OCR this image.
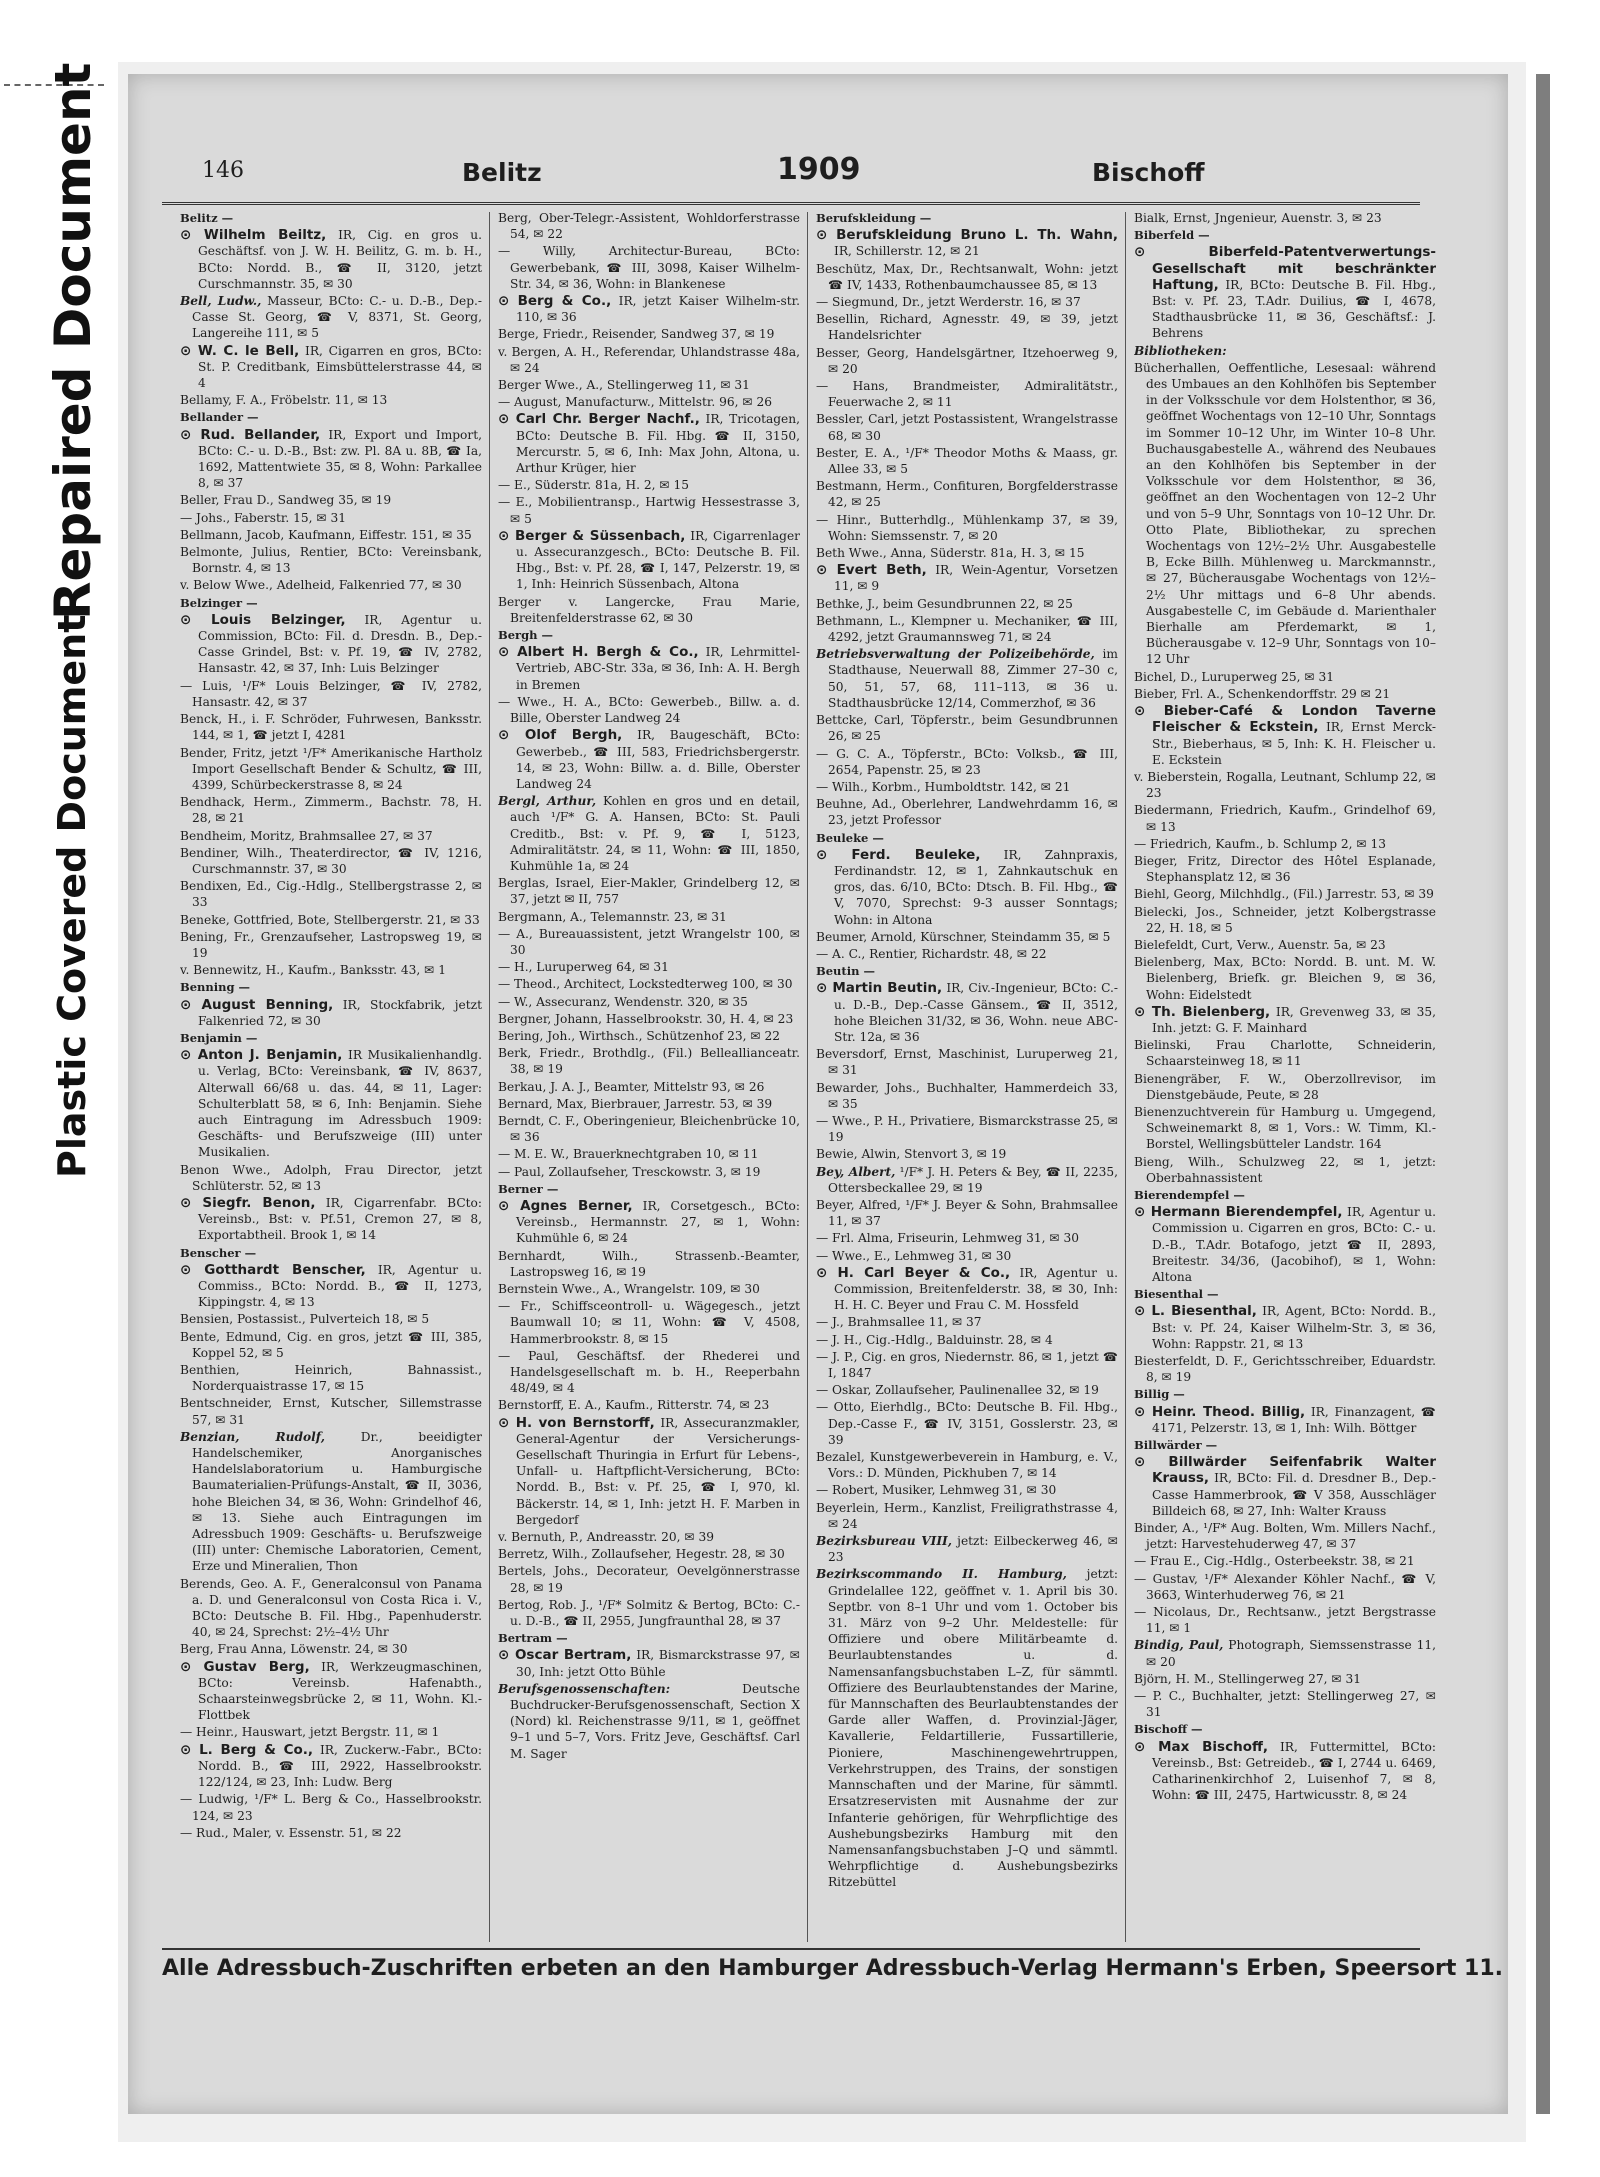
Repaired Document
Plastic Covered Document
146	Belitz	1909	Bischoff

Belitz —

⊙ Wilhelm Beiltz, IR, Cig. en gros u. Geschäftsf. von J. W. H. Beilitz, G. m. b. H., BCto: Nordd. B., ☎ II, 3120, jetzt Curschmannstr. 35, ✉ 30

Bell, Ludw., Masseur, BCto: C.- u. D.-B., Dep.-Casse St. Georg, ☎ V, 8371, St. Georg, Langereihe 111, ✉ 5

⊙ W. C. le Bell, IR, Cigarren en gros, BCto: St. P. Creditbank, Eimsbüttelerstrasse 44, ✉ 4

Bellamy, F. A., Fröbelstr. 11, ✉ 13

Bellander —

⊙ Rud. Bellander, IR, Export und Import, BCto: C.- u. D.-B., Bst: zw. Pl. 8A u. 8B, ☎ Ia, 1692, Mattentwiete 35, ✉ 8, Wohn: Parkallee 8, ✉ 37

Beller, Frau D., Sandweg 35, ✉ 19

— Johs., Faberstr. 15, ✉ 31

Bellmann, Jacob, Kaufmann, Eiffestr. 151, ✉ 35

Belmonte, Julius, Rentier, BCto: Vereinsbank, Bornstr. 4, ✉ 13

v. Below Wwe., Adelheid, Falkenried 77, ✉ 30

Belzinger —

⊙ Louis Belzinger, IR, Agentur u. Commission, BCto: Fil. d. Dresdn. B., Dep.-Casse Grindel, Bst: v. Pf. 19, ☎ IV, 2782, Hansastr. 42, ✉ 37, Inh: Luis Belzinger

— Luis, ¹/F* Louis Belzinger, ☎ IV, 2782, Hansastr. 42, ✉ 37

Benck, H., i. F. Schröder, Fuhrwesen, Banksstr. 144, ✉ 1, ☎ jetzt I, 4281

Bender, Fritz, jetzt ¹/F* Amerikanische Hartholz Import Gesellschaft Bender & Schultz, ☎ III, 4399, Schürbeckerstrasse 8, ✉ 24

Bendhack, Herm., Zimmerm., Bachstr. 78, H. 28, ✉ 21

Bendheim, Moritz, Brahmsallee 27, ✉ 37

Bendiner, Wilh., Theaterdirector, ☎ IV, 1216, Curschmannstr. 37, ✉ 30

Bendixen, Ed., Cig.-Hdlg., Stellbergstrasse 2, ✉ 33

Beneke, Gottfried, Bote, Stellbergerstr. 21, ✉ 33

Bening, Fr., Grenzaufseher, Lastropsweg 19, ✉ 19

v. Bennewitz, H., Kaufm., Banksstr. 43, ✉ 1

Benning —

⊙ August Benning, IR, Stockfabrik, jetzt Falkenried 72, ✉ 30

Benjamin —

⊙ Anton J. Benjamin, IR Musikalienhandlg. u. Verlag, BCto: Vereinsbank, ☎ IV, 8637, Alterwall 66/68 u. das. 44, ✉ 11, Lager: Schulterblatt 58, ✉ 6, Inh: Benjamin. Siehe auch Eintragung im Adressbuch 1909: Geschäfts- und Berufszweige (III) unter Musikalien.

Benon Wwe., Adolph, Frau Director, jetzt Schlüterstr. 52, ✉ 13

⊙ Siegfr. Benon, IR, Cigarrenfabr. BCto: Vereinsb., Bst: v. Pf.51, Cremon 27, ✉ 8, Exportabtheil. Brook 1, ✉ 14

Benscher —

⊙ Gotthardt Benscher, IR, Agentur u. Commiss., BCto: Nordd. B., ☎ II, 1273, Kippingstr. 4, ✉ 13

Bensien, Postassist., Pulverteich 18, ✉ 5

Bente, Edmund, Cig. en gros, jetzt ☎ III, 385, Koppel 52, ✉ 5

Benthien, Heinrich, Bahnassist., Norderquaistrasse 17, ✉ 15

Bentschneider, Ernst, Kutscher, Sillemstrasse 57, ✉ 31

Benzian, Rudolf, Dr., beeidigter Handelschemiker, Anorganisches Handelslaboratorium u. Hamburgische Baumaterialien-Prüfungs-Anstalt, ☎ II, 3036, hohe Bleichen 34, ✉ 36, Wohn: Grindelhof 46, ✉ 13. Siehe auch Eintragungen im Adressbuch 1909: Geschäfts- u. Berufszweige (III) unter: Chemische Laboratorien, Cement, Erze und Mineralien, Thon

Berends, Geo. A. F., Generalconsul von Panama a. D. und Generalconsul von Costa Rica i. V., BCto: Deutsche B. Fil. Hbg., Papenhuderstr. 40, ✉ 24, Sprechst: 2½–4½ Uhr

Berg, Frau Anna, Löwenstr. 24, ✉ 30

⊙ Gustav Berg, IR, Werkzeugmaschinen, BCto: Vereinsb. Hafenabth., Schaarsteinwegsbrücke 2, ✉ 11, Wohn. Kl.-Flottbek

— Heinr., Hauswart, jetzt Bergstr. 11, ✉ 1

⊙ L. Berg & Co., IR, Zuckerw.-Fabr., BCto: Nordd. B., ☎ III, 2922, Hasselbrookstr. 122/124, ✉ 23, Inh: Ludw. Berg

— Ludwig, ¹/F* L. Berg & Co., Hasselbrookstr. 124, ✉ 23

— Rud., Maler, v. Essenstr. 51, ✉ 22

Berg, Ober-Telegr.-Assistent, Wohldorferstrasse 54, ✉ 22

— Willy, Architectur-Bureau, BCto: Gewerbebank, ☎ III, 3098, Kaiser Wilhelm-Str. 34, ✉ 36, Wohn: in Blankenese

⊙ Berg & Co., IR, jetzt Kaiser Wilhelm-str. 110, ✉ 36

Berge, Friedr., Reisender, Sandweg 37, ✉ 19

v. Bergen, A. H., Referendar, Uhlandstrasse 48a, ✉ 24

Berger Wwe., A., Stellingerweg 11, ✉ 31

— August, Manufacturw., Mittelstr. 96, ✉ 26

⊙ Carl Chr. Berger Nachf., IR, Tricotagen, BCto: Deutsche B. Fil. Hbg. ☎ II, 3150, Mercurstr. 5, ✉ 6, Inh: Max John, Altona, u. Arthur Krüger, hier

— E., Süderstr. 81a, H. 2, ✉ 15

— E., Mobilientransp., Hartwig Hessestrasse 3, ✉ 5

⊙ Berger & Süssenbach, IR, Cigarrenlager u. Assecuranzgesch., BCto: Deutsche B. Fil. Hbg., Bst: v. Pf. 28, ☎ I, 147, Pelzerstr. 19, ✉ 1, Inh: Heinrich Süssenbach, Altona

Berger v. Langercke, Frau Marie, Breitenfelderstrasse 62, ✉ 30

Bergh —

⊙ Albert H. Bergh & Co., IR, Lehrmittel-Vertrieb, ABC-Str. 33a, ✉ 36, Inh: A. H. Bergh in Bremen

— Wwe., H. A., BCto: Gewerbeb., Billw. a. d. Bille, Oberster Landweg 24

⊙ Olof Bergh, IR, Baugeschäft, BCto: Gewerbeb., ☎ III, 583, Friedrichsbergerstr. 14, ✉ 23, Wohn: Billw. a. d. Bille, Oberster Landweg 24

Bergl, Arthur, Kohlen en gros und en detail, auch ¹/F* G. A. Hansen, BCto: St. Pauli Creditb., Bst: v. Pf. 9, ☎ I, 5123, Admiralitätstr. 24, ✉ 11, Wohn: ☎ III, 1850, Kuhmühle 1a, ✉ 24

Berglas, Israel, Eier-Makler, Grindelberg 12, ✉ 37, jetzt ✉ II, 757

Bergmann, A., Telemannstr. 23, ✉ 31

— A., Bureauassistent, jetzt Wrangelstr 100, ✉ 30

— H., Luruperweg 64, ✉ 31

— Theod., Architect, Lockstedterweg 100, ✉ 30

— W., Assecuranz, Wendenstr. 320, ✉ 35

Bergner, Johann, Hasselbrookstr. 30, H. 4, ✉ 23

Bering, Joh., Wirthsch., Schützenhof 23, ✉ 22

Berk, Friedr., Brothdlg., (Fil.) Belleallianceatr. 38, ✉ 19

Berkau, J. A. J., Beamter, Mittelstr 93, ✉ 26

Bernard, Max, Bierbrauer, Jarrestr. 53, ✉ 39

Berndt, C. F., Oberingenieur, Bleichenbrücke 10, ✉ 36

— M. E. W., Brauerknechtgraben 10, ✉ 11

— Paul, Zollaufseher, Tresckowstr. 3, ✉ 19

Berner —

⊙ Agnes Berner, IR, Corsetgesch., BCto: Vereinsb., Hermannstr. 27, ✉ 1, Wohn: Kuhmühle 6, ✉ 24

Bernhardt, Wilh., Strassenb.-Beamter, Lastropsweg 16, ✉ 19

Bernstein Wwe., A., Wrangelstr. 109, ✉ 30

— Fr., Schiffsceontroll- u. Wägegesch., jetzt Baumwall 10; ✉ 11, Wohn: ☎ V, 4508, Hammerbrookstr. 8, ✉ 15

— Paul, Geschäftsf. der Rhederei und Handelsgesellschaft m. b. H., Reeperbahn 48/49, ✉ 4

Bernstorff, E. A., Kaufm., Ritterstr. 74, ✉ 23

⊙ H. von Bernstorff, IR, Assecuranzmakler, General-Agentur der Versicherungs-Gesellschaft Thuringia in Erfurt für Lebens-, Unfall- u. Haftpflicht-Versicherung, BCto: Nordd. B., Bst: v. Pf. 25, ☎ I, 970, kl. Bäckerstr. 14, ✉ 1, Inh: jetzt H. F. Marben in Bergedorf

v. Bernuth, P., Andreasstr. 20, ✉ 39

Berretz, Wilh., Zollaufseher, Hegestr. 28, ✉ 30

Bertels, Johs., Decorateur, Oevelgönnerstrasse 28, ✉ 19

Bertog, Rob. J., ¹/F* Solmitz & Bertog, BCto: C.- u. D.-B., ☎ II, 2955, Jungfraunthal 28, ✉ 37

Bertram —

⊙ Oscar Bertram, IR, Bismarckstrasse 97, ✉ 30, Inh: jetzt Otto Bühle

Berufsgenossenschaften: Deutsche Buchdrucker-Berufsgenossenschaft, Section X (Nord) kl. Reichenstrasse 9/11, ✉ 1, geöffnet 9–1 und 5–7, Vors. Fritz Jeve, Geschäftsf. Carl M. Sager

Berufskleidung —

⊙ Berufskleidung Bruno L. Th. Wahn, IR, Schillerstr. 12, ✉ 21

Beschütz, Max, Dr., Rechtsanwalt, Wohn: jetzt ☎ IV, 1433, Rothenbaumchaussee 85, ✉ 13

— Siegmund, Dr., jetzt Werderstr. 16, ✉ 37

Besellin, Richard, Agnesstr. 49, ✉ 39, jetzt Handelsrichter

Besser, Georg, Handelsgärtner, Itzehoerweg 9, ✉ 20

— Hans, Brandmeister, Admiralitätstr., Feuerwache 2, ✉ 11

Bessler, Carl, jetzt Postassistent, Wrangelstrasse 68, ✉ 30

Bester, E. A., ¹/F* Theodor Moths & Maass, gr. Allee 33, ✉ 5

Bestmann, Herm., Confituren, Borgfelderstrasse 42, ✉ 25

— Hinr., Butterhdlg., Mühlenkamp 37, ✉ 39, Wohn: Siemssenstr. 7, ✉ 20

Beth Wwe., Anna, Süderstr. 81a, H. 3, ✉ 15

⊙ Evert Beth, IR, Wein-Agentur, Vorsetzen 11, ✉ 9

Bethke, J., beim Gesundbrunnen 22, ✉ 25

Bethmann, L., Klempner u. Mechaniker, ☎ III, 4292, jetzt Graumannsweg 71, ✉ 24

Betriebsverwaltung der Polizeibehörde, im Stadthause, Neuerwall 88, Zimmer 27–30 c, 50, 51, 57, 68, 111–113, ✉ 36 u. Stadthausbrücke 12/14, Commerzhof, ✉ 36

Bettcke, Carl, Töpferstr., beim Gesundbrunnen 26, ✉ 25

— G. C. A., Töpferstr., BCto: Volksb., ☎ III, 2654, Papenstr. 25, ✉ 23

— Wilh., Korbm., Humboldtstr. 142, ✉ 21

Beuhne, Ad., Oberlehrer, Landwehrdamm 16, ✉ 23, jetzt Professor

Beuleke —

⊙ Ferd. Beuleke, IR, Zahnpraxis, Ferdinandstr. 12, ✉ 1, Zahnkautschuk en gros, das. 6/10, BCto: Dtsch. B. Fil. Hbg., ☎ V, 7070, Sprechst: 9-3 ausser Sonntags; Wohn: in Altona

Beumer, Arnold, Kürschner, Steindamm 35, ✉ 5

— A. C., Rentier, Richardstr. 48, ✉ 22

Beutin —

⊙ Martin Beutin, IR, Civ.-Ingenieur, BCto: C.- u. D.-B., Dep.-Casse Gänsem., ☎ II, 3512, hohe Bleichen 31/32, ✉ 36, Wohn. neue ABC-Str. 12a, ✉ 36

Beversdorf, Ernst, Maschinist, Luruperweg 21, ✉ 31

Bewarder, Johs., Buchhalter, Hammerdeich 33, ✉ 35

— Wwe., P. H., Privatiere, Bismarckstrasse 25, ✉ 19

Bewie, Alwin, Stenvort 3, ✉ 19

Bey, Albert, ¹/F* J. H. Peters & Bey, ☎ II, 2235, Ottersbeckallee 29, ✉ 19

Beyer, Alfred, ¹/F* J. Beyer & Sohn, Brahmsallee 11, ✉ 37

— Frl. Alma, Friseurin, Lehmweg 31, ✉ 30

— Wwe., E., Lehmweg 31, ✉ 30

⊙ H. Carl Beyer & Co., IR, Agentur u. Commission, Breitenfelderstr. 38, ✉ 30, Inh: H. H. C. Beyer und Frau C. M. Hossfeld

— J., Brahmsallee 11, ✉ 37

— J. H., Cig.-Hdlg., Balduinstr. 28, ✉ 4

— J. P., Cig. en gros, Niedernstr. 86, ✉ 1, jetzt ☎ I, 1847

— Oskar, Zollaufseher, Paulinenallee 32, ✉ 19

— Otto, Eierhdlg., BCto: Deutsche B. Fil. Hbg., Dep.-Casse F., ☎ IV, 3151, Gosslerstr. 23, ✉ 39

Bezalel, Kunstgewerbeverein in Hamburg, e. V., Vors.: D. Münden, Pickhuben 7, ✉ 14

— Robert, Musiker, Lehmweg 31, ✉ 30

Beyerlein, Herm., Kanzlist, Freiligrathstrasse 4, ✉ 24

Bezirksbureau VIII, jetzt: Eilbeckerweg 46, ✉ 23

Bezirkscommando II. Hamburg, jetzt: Grindelallee 122, geöffnet v. 1. April bis 30. Septbr. von 8–1 Uhr und vom 1. October bis 31. März von 9–2 Uhr. Meldestelle: für Offiziere und obere Militärbeamte d. Beurlaubtenstandes u. d. Namensanfangsbuchstaben L–Z, für sämmtl. Offiziere des Beurlaubtenstandes der Marine, für Mannschaften des Beurlaubtenstandes der Garde aller Waffen, d. Provinzial-Jäger, Kavallerie, Feldartillerie, Fussartillerie, Pioniere, Maschinengewehrtruppen, Verkehrstruppen, des Trains, der sonstigen Mannschaften und der Marine, für sämmtl. Ersatzreservisten mit Ausnahme der zur Infanterie gehörigen, für Wehrpflichtige des Aushebungsbezirks Hamburg mit den Namensanfangsbuchstaben J–Q und sämmtl. Wehrpflichtige d. Aushebungsbezirks Ritzebüttel

Bialk, Ernst, Jngenieur, Auenstr. 3, ✉ 23

Biberfeld —

⊙ Biberfeld-Patentverwertungs-Gesellschaft mit beschränkter Haftung, IR, BCto: Deutsche B. Fil. Hbg., Bst: v. Pf. 23, T.Adr. Duilius, ☎ I, 4678, Stadthausbrücke 11, ✉ 36, Geschäftsf.: J. Behrens

Bibliotheken:

Bücherhallen, Oeffentliche, Lesesaal: während des Umbaues an den Kohlhöfen bis September in der Volksschule vor dem Holstenthor, ✉ 36, geöffnet Wochentags von 12–10 Uhr, Sonntags im Sommer 10–12 Uhr, im Winter 10–8 Uhr. Buchausgabestelle A., während des Neubaues an den Kohlhöfen bis September in der Volksschule vor dem Holstenthor, ✉ 36, geöffnet an den Wochentagen von 12–2 Uhr und von 5–9 Uhr, Sonntags von 10–12 Uhr. Dr. Otto Plate, Bibliothekar, zu sprechen Wochentags von 12½–2½ Uhr. Ausgabestelle B, Ecke Billh. Mühlenweg u. Marckmannstr., ✉ 27, Bücherausgabe Wochentags von 12½–2½ Uhr mittags und 6–8 Uhr abends. Ausgabestelle C, im Gebäude d. Marienthaler Bierhalle am Pferdemarkt, ✉ 1, Bücherausgabe v. 12–9 Uhr, Sonntags von 10–12 Uhr

Bichel, D., Luruperweg 25, ✉ 31

Bieber, Frl. A., Schenkendorffstr. 29 ✉ 21

⊙ Bieber-Café & London Taverne Fleischer & Eckstein, IR, Ernst Merck-Str., Bieberhaus, ✉ 5, Inh: K. H. Fleischer u. E. Eckstein

v. Bieberstein, Rogalla, Leutnant, Schlump 22, ✉ 23

Biedermann, Friedrich, Kaufm., Grindelhof 69, ✉ 13

— Friedrich, Kaufm., b. Schlump 2, ✉ 13

Bieger, Fritz, Director des Hôtel Esplanade, Stephansplatz 12, ✉ 36

Biehl, Georg, Milchhdlg., (Fil.) Jarrestr. 53, ✉ 39

Bielecki, Jos., Schneider, jetzt Kolbergstrasse 22, H. 18, ✉ 5

Bielefeldt, Curt, Verw., Auenstr. 5a, ✉ 23

Bielenberg, Max, BCto: Nordd. B. unt. M. W. Bielenberg, Briefk. gr. Bleichen 9, ✉ 36, Wohn: Eidelstedt

⊙ Th. Bielenberg, IR, Grevenweg 33, ✉ 35, Inh. jetzt: G. F. Mainhard

Bielinski, Frau Charlotte, Schneiderin, Schaarsteinweg 18, ✉ 11

Bienengräber, F. W., Oberzollrevisor, im Dienstgebäude, Peute, ✉ 28

Bienenzuchtverein für Hamburg u. Umgegend, Schweinemarkt 8, ✉ 1, Vors.: W. Timm, Kl.-Borstel, Wellingsbütteler Landstr. 164

Bieng, Wilh., Schulzweg 22, ✉ 1, jetzt: Oberbahnassistent

Bierendempfel —

⊙ Hermann Bierendempfel, IR, Agentur u. Commission u. Cigarren en gros, BCto: C.- u. D.-B., T.Adr. Botafogo, jetzt ☎ II, 2893, Breitestr. 34/36, (Jacobihof), ✉ 1, Wohn: Altona

Biesenthal —

⊙ L. Biesenthal, IR, Agent, BCto: Nordd. B., Bst: v. Pf. 24, Kaiser Wilhelm-Str. 3, ✉ 36, Wohn: Rappstr. 21, ✉ 13

Biesterfeldt, D. F., Gerichtsschreiber, Eduardstr. 8, ✉ 19

Billig —

⊙ Heinr. Theod. Billig, IR, Finanzagent, ☎ 4171, Pelzerstr. 13, ✉ 1, Inh: Wilh. Böttger

Billwärder —

⊙ Billwärder Seifenfabrik Walter Krauss, IR, BCto: Fil. d. Dresdner B., Dep.-Casse Hammerbrook, ☎ V 358, Ausschläger Billdeich 68, ✉ 27, Inh: Walter Krauss

Binder, A., ¹/F* Aug. Bolten, Wm. Millers Nachf., jetzt: Harvestehuderweg 47, ✉ 37

— Frau E., Cig.-Hdlg., Osterbeekstr. 38, ✉ 21

— Gustav, ¹/F* Alexander Köhler Nachf., ☎ V, 3663, Winterhuderweg 76, ✉ 21

— Nicolaus, Dr., Rechtsanw., jetzt Bergstrasse 11, ✉ 1

Bindig, Paul, Photograph, Siemssenstrasse 11, ✉ 20

Björn, H. M., Stellingerweg 27, ✉ 31

— P. C., Buchhalter, jetzt: Stellingerweg 27, ✉ 31

Bischoff —

⊙ Max Bischoff, IR, Futtermittel, BCto: Vereinsb., Bst: Getreideb., ☎ I, 2744 u. 6469, Catharinenkirchhof 2, Luisenhof 7, ✉ 8, Wohn: ☎ III, 2475, Hartwicusstr. 8, ✉ 24

Alle Adressbuch-Zuschriften erbeten an den Hamburger Adressbuch-Verlag Hermann's Erben, Speersort 11.
